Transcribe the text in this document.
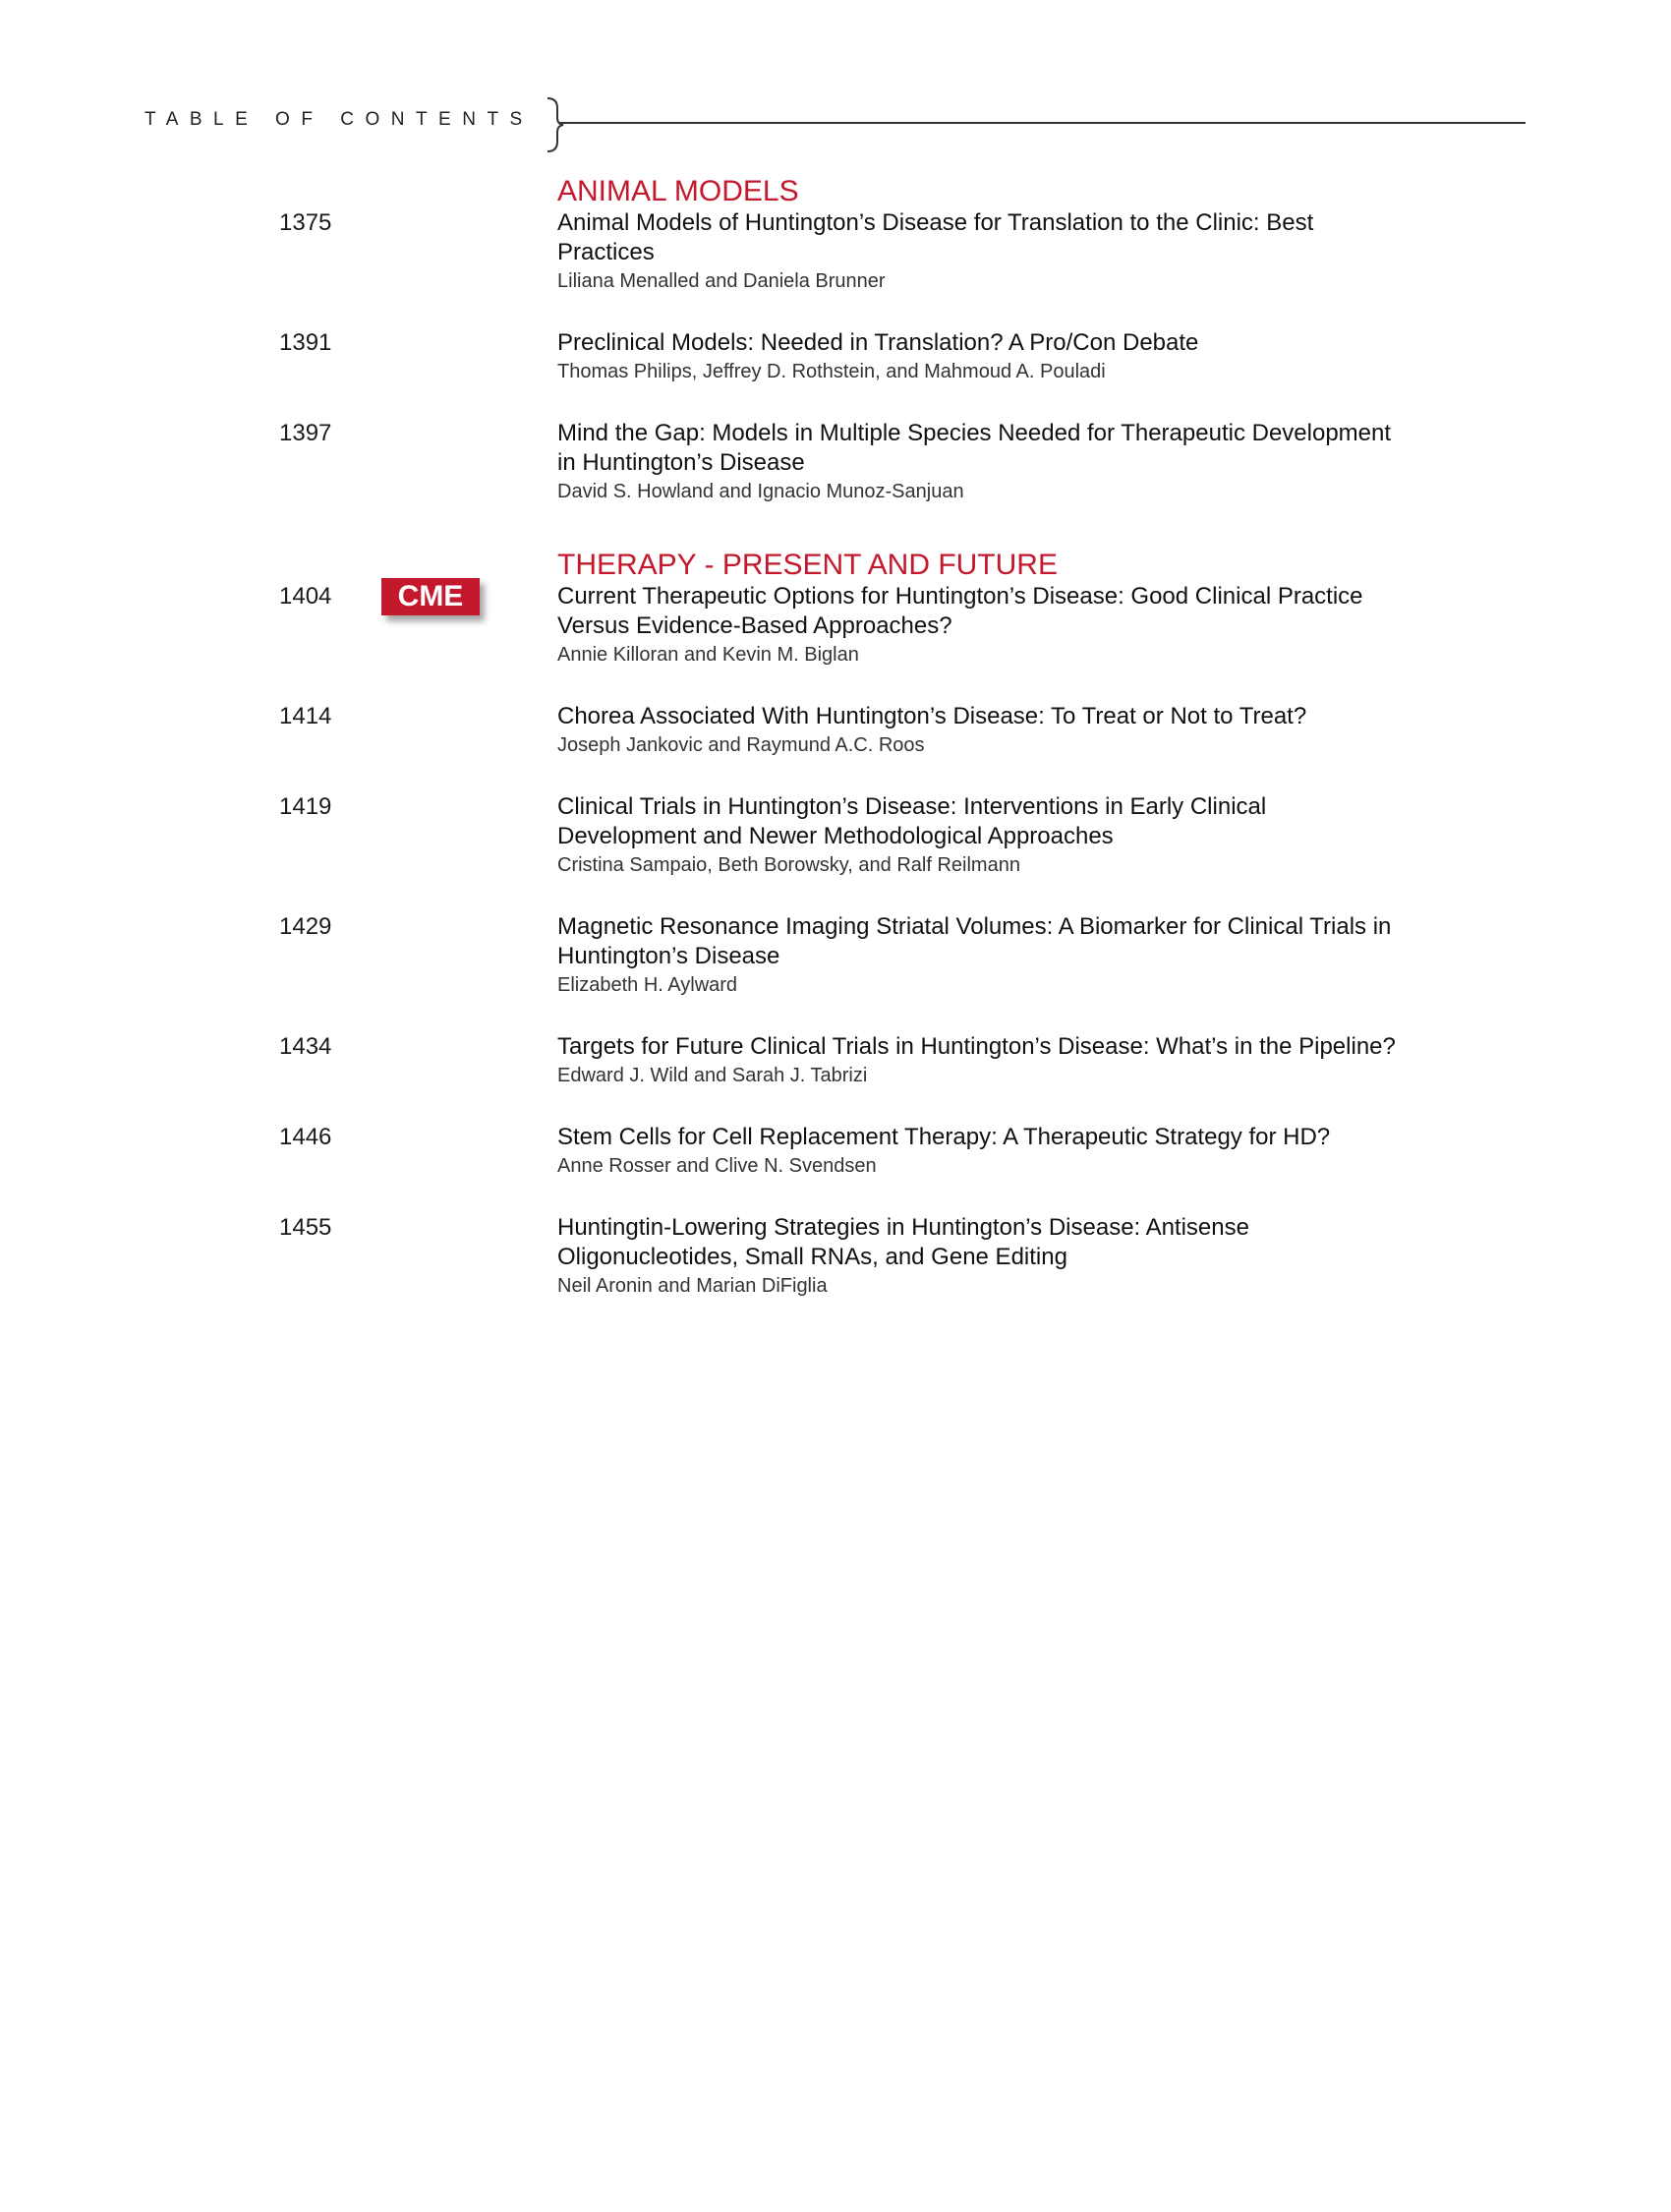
TABLE OF CONTENTS
ANIMAL MODELS
1375	Animal Models of Huntington’s Disease for Translation to the Clinic: Best Practices
Liliana Menalled and Daniela Brunner
1391	Preclinical Models: Needed in Translation? A Pro/Con Debate
Thomas Philips, Jeffrey D. Rothstein, and Mahmoud A. Pouladi
1397	Mind the Gap: Models in Multiple Species Needed for Therapeutic Development in Huntington’s Disease
David S. Howland and Ignacio Munoz-Sanjuan
THERAPY - PRESENT AND FUTURE
1404	CME	Current Therapeutic Options for Huntington’s Disease: Good Clinical Practice Versus Evidence-Based Approaches?
Annie Killoran and Kevin M. Biglan
1414	Chorea Associated With Huntington’s Disease: To Treat or Not to Treat?
Joseph Jankovic and Raymund A.C. Roos
1419	Clinical Trials in Huntington’s Disease: Interventions in Early Clinical Development and Newer Methodological Approaches
Cristina Sampaio, Beth Borowsky, and Ralf Reilmann
1429	Magnetic Resonance Imaging Striatal Volumes: A Biomarker for Clinical Trials in Huntington’s Disease
Elizabeth H. Aylward
1434	Targets for Future Clinical Trials in Huntington’s Disease: What’s in the Pipeline?
Edward J. Wild and Sarah J. Tabrizi
1446	Stem Cells for Cell Replacement Therapy: A Therapeutic Strategy for HD?
Anne Rosser and Clive N. Svendsen
1455	Huntingtin-Lowering Strategies in Huntington’s Disease: Antisense Oligonucleotides, Small RNAs, and Gene Editing
Neil Aronin and Marian DiFiglia
